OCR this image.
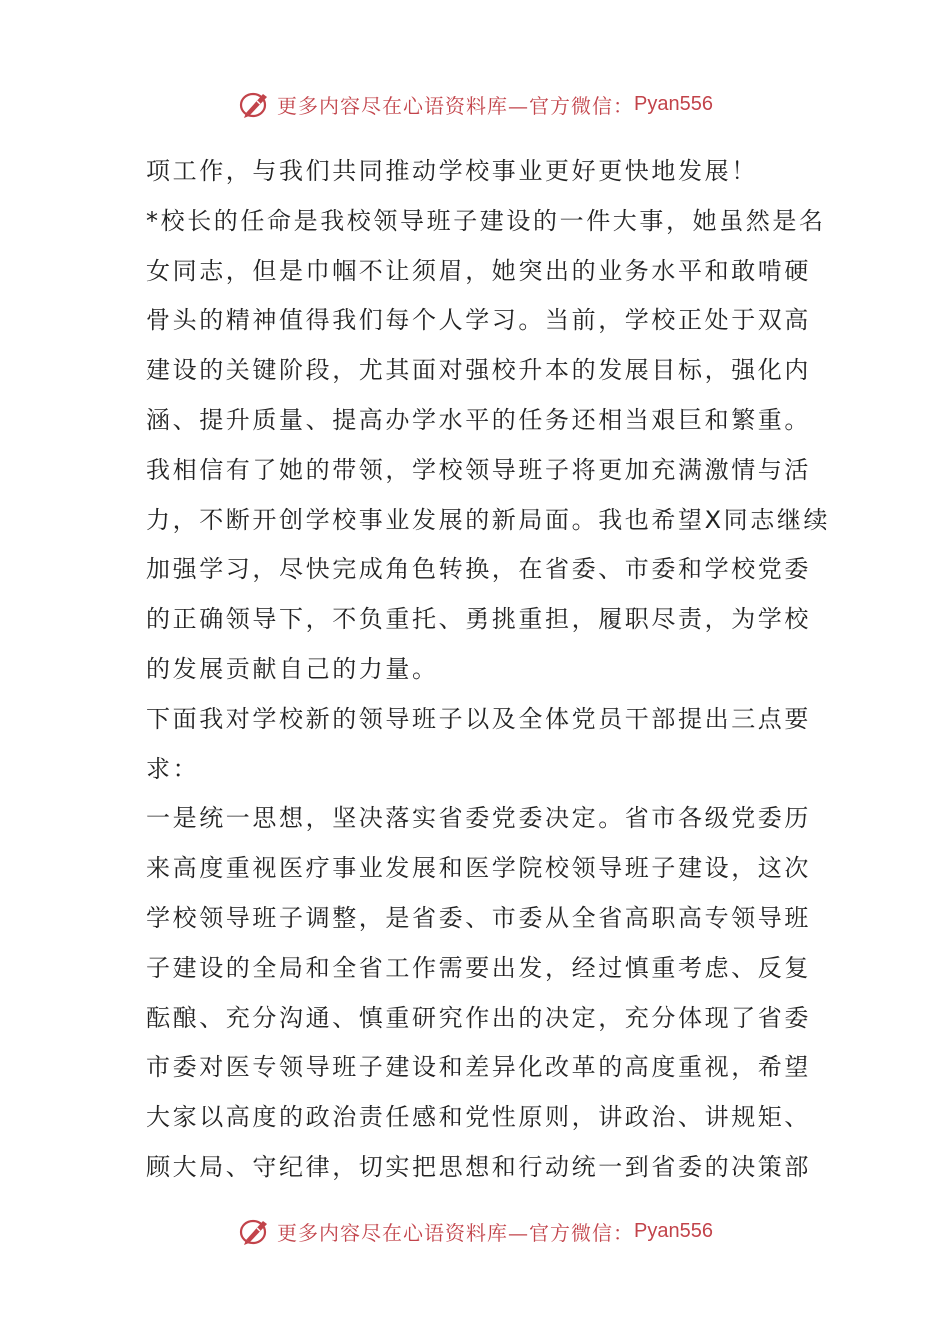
更多内容尽在心语资料库—官方微信： Pyan556
项工作，与我们共同推动学校事业更好更快地发展！
*校长的任命是我校领导班子建设的一件大事，她虽然是名
女同志，但是巾帼不让须眉，她突出的业务水平和敢啃硬
骨头的精神值得我们每个人学习。当前，学校正处于双高
建设的关键阶段，尤其面对强校升本的发展目标，强化内
涵、提升质量、提高办学水平的任务还相当艰巨和繁重。
我相信有了她的带领，学校领导班子将更加充满激情与活
力，不断开创学校事业发展的新局面。我也希望X同志继续
加强学习，尽快完成角色转换，在省委、市委和学校党委
的正确领导下，不负重托、勇挑重担，履职尽责，为学校
的发展贡献自己的力量。
下面我对学校新的领导班子以及全体党员干部提出三点要
求：
一是统一思想，坚决落实省委党委决定。省市各级党委历
来高度重视医疗事业发展和医学院校领导班子建设，这次
学校领导班子调整，是省委、市委从全省高职高专领导班
子建设的全局和全省工作需要出发，经过慎重考虑、反复
酝酿、充分沟通、慎重研究作出的决定，充分体现了省委
市委对医专领导班子建设和差异化改革的高度重视，希望
大家以高度的政治责任感和党性原则，讲政治、讲规矩、
顾大局、守纪律，切实把思想和行动统一到省委的决策部
更多内容尽在心语资料库—官方微信： Pyan556
